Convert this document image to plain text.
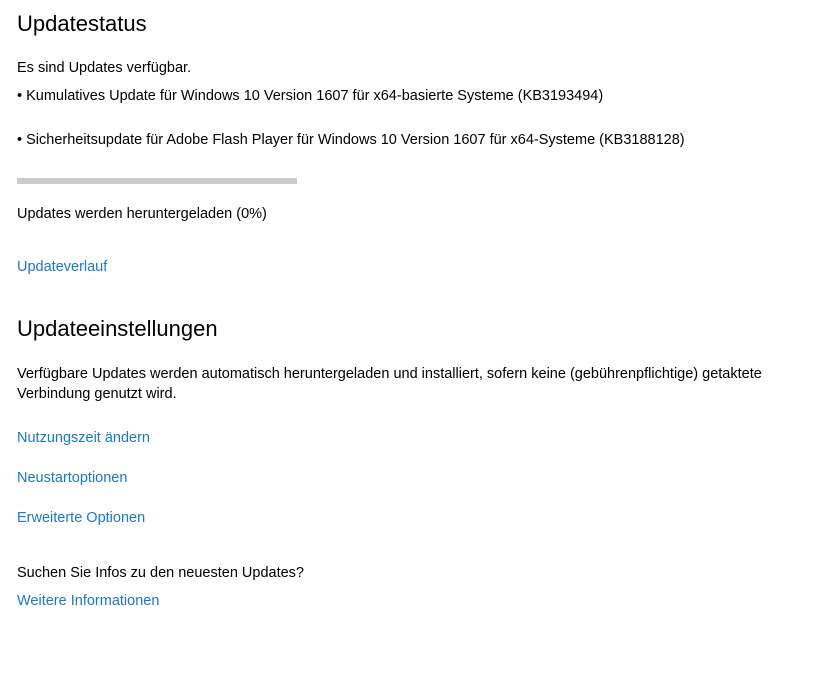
Updatestatus
Es sind Updates verfügbar.
• Kumulatives Update für Windows 10 Version 1607 für x64-basierte Systeme (KB3193494)
• Sicherheitsupdate für Adobe Flash Player für Windows 10 Version 1607 für x64-Systeme (KB3188128)
Updates werden heruntergeladen (0%)
Updateverlauf
Updateeinstellungen
Verfügbare Updates werden automatisch heruntergeladen und installiert, sofern keine (gebührenpflichtige) getaktete Verbindung genutzt wird.
Nutzungszeit ändern
Neustartoptionen
Erweiterte Optionen
Suchen Sie Infos zu den neuesten Updates?
Weitere Informationen
